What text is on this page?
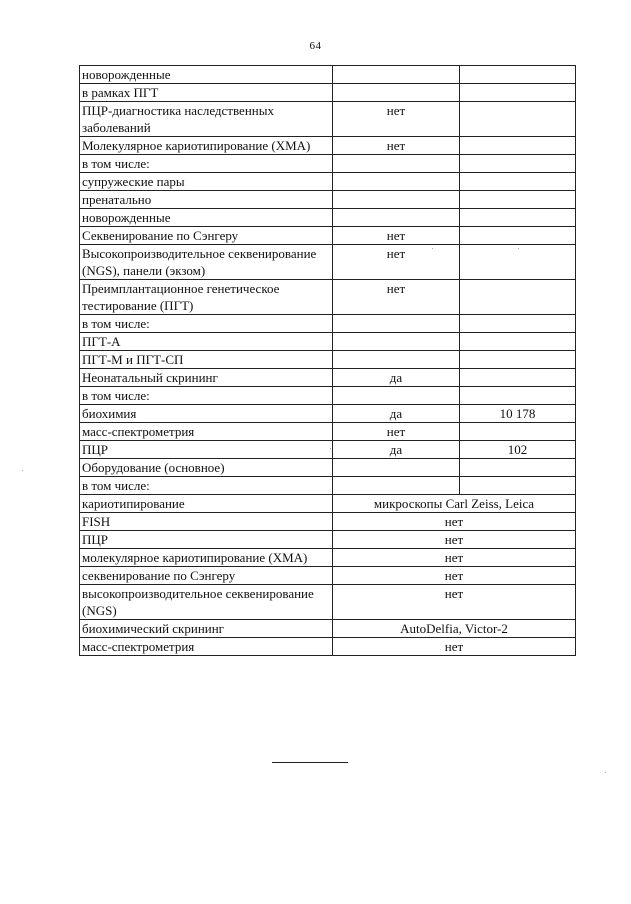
64
новорожденные		
в рамках ПГТ		
ПЦР-диагностика наследственных заболеваний	нет	
Молекулярное кариотипирование (ХМА)	нет	
в том числе:		
супружеские пары		
пренатально		
новорожденные		
Секвенирование по Сэнгеру	нет	
Высокопроизводительное секвенирование (NGS), панели (экзом)	нет	
Преимплантационное генетическое тестирование (ПГТ)	нет	
в том числе:		
ПГТ-А		
ПГТ-М и ПГТ-СП		
Неонатальный скрининг	да	
в том числе:		
биохимия	да	10 178
масс-спектрометрия	нет	
ПЦР	да	102
Оборудование (основное)		
в том числе:		
кариотипирование	микроскопы Carl Zeiss, Leica	
FISH	нет	
ПЦР	нет	
молекулярное кариотипирование (ХМА)	нет	
секвенирование по Сэнгеру	нет	
высокопроизводительное секвенирование (NGS)	нет	
биохимический скрининг	AutoDelfia, Victor-2	
масс-спектрометрия	нет	
